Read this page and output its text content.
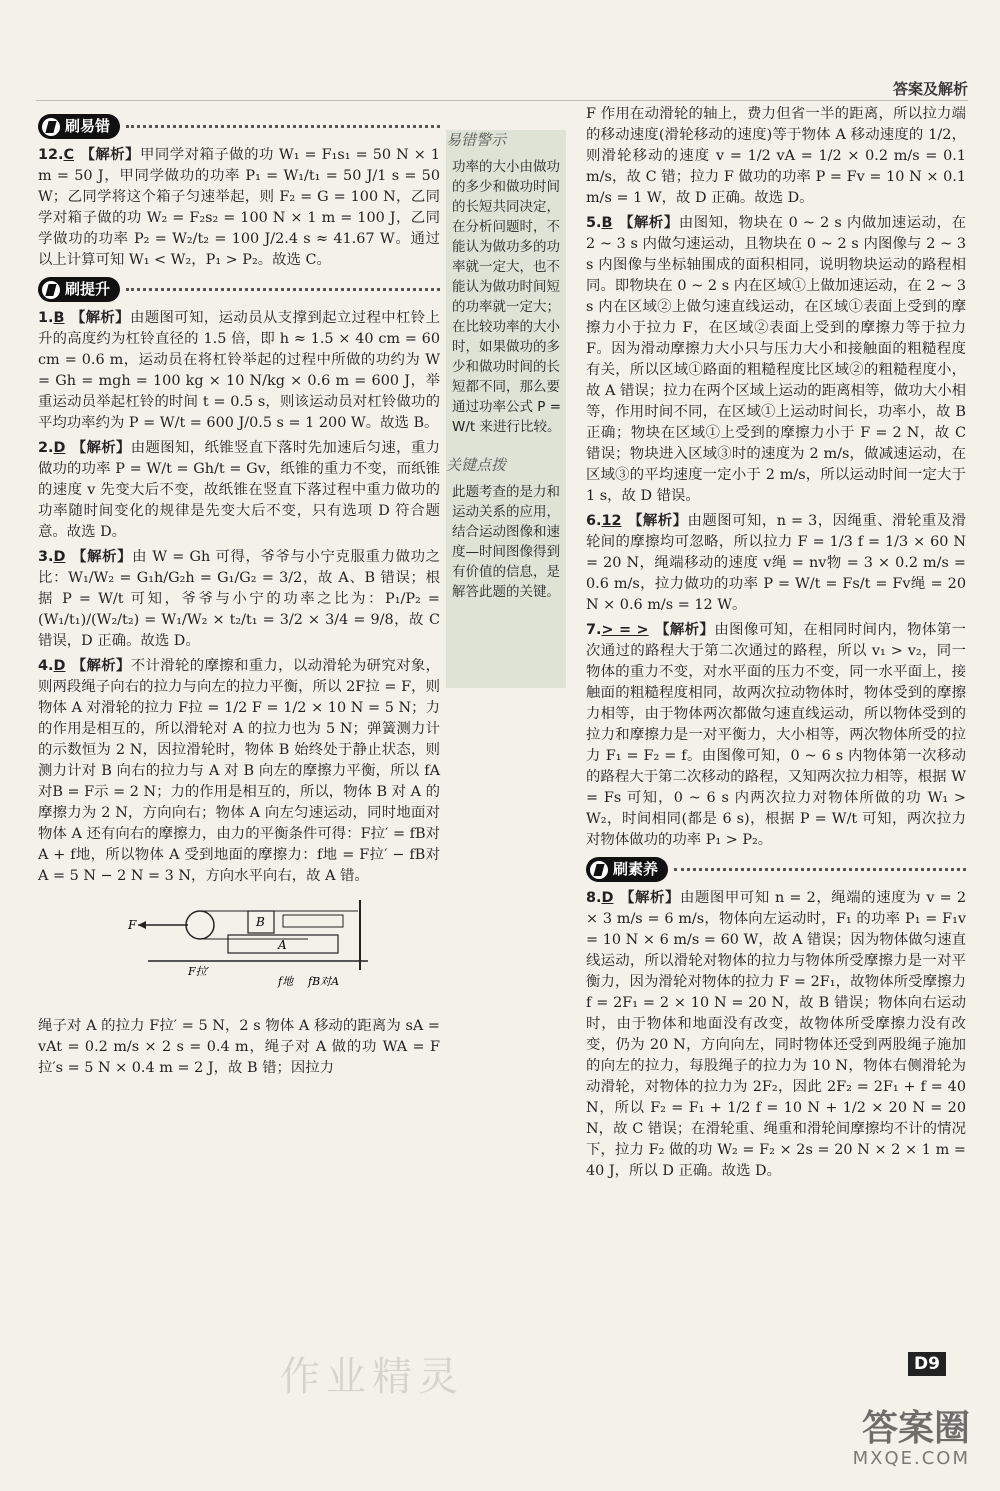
答案及解析
刷易错

12.C 【解析】甲同学对箱子做的功 W₁ = F₁s₁ = 50 N × 1 m = 50 J，甲同学做功的功率 P₁ = W₁/t₁ = 50 J/1 s = 50 W；乙同学将这个箱子匀速举起，则 F₂ = G = 100 N，乙同学对箱子做的功 W₂ = F₂s₂ = 100 N × 1 m = 100 J，乙同学做功的功率 P₂ = W₂/t₂ = 100 J/2.4 s ≈ 41.67 W。通过以上计算可知 W₁ < W₂，P₁ > P₂。故选 C。

刷提升

1.B 【解析】由题图可知，运动员从支撑到起立过程中杠铃上升的高度约为杠铃直径的 1.5 倍，即 h ≈ 1.5 × 40 cm = 60 cm = 0.6 m，运动员在将杠铃举起的过程中所做的功约为 W = Gh = mgh = 100 kg × 10 N/kg × 0.6 m = 600 J，举重运动员举起杠铃的时间 t = 0.5 s，则该运动员对杠铃做功的平均功率约为 P = W/t = 600 J/0.5 s = 1 200 W。故选 B。

2.D 【解析】由题图知，纸锥竖直下落时先加速后匀速，重力做功的功率 P = W/t = Gh/t = Gv，纸锥的重力不变，而纸锥的速度 v 先变大后不变，故纸锥在竖直下落过程中重力做功的功率随时间变化的规律是先变大后不变，只有选项 D 符合题意。故选 D。

3.D 【解析】由 W = Gh 可得，爷爷与小宁克服重力做功之比：W₁/W₂ = G₁h/G₂h = G₁/G₂ = 3/2，故 A、B 错误；根据 P = W/t 可知，爷爷与小宁的功率之比为：P₁/P₂ = (W₁/t₁)/(W₂/t₂) = W₁/W₂ × t₂/t₁ = 3/2 × 3/4 = 9/8，故 C 错误，D 正确。故选 D。

4.D 【解析】不计滑轮的摩擦和重力，以动滑轮为研究对象，则两段绳子向右的拉力与向左的拉力平衡，所以 2F拉 = F，则物体 A 对滑轮的拉力 F拉 = 1/2 F = 1/2 × 10 N = 5 N；力的作用是相互的，所以滑轮对 A 的拉力也为 5 N；弹簧测力计的示数恒为 2 N，因拉滑轮时，物体 B 始终处于静止状态，则测力计对 B 向右的拉力与 A 对 B 向左的摩擦力平衡，所以 fA对B = F示 = 2 N；力的作用是相互的，所以，物体 B 对 A 的摩擦力为 2 N，方向向右；物体 A 向左匀速运动，同时地面对物体 A 还有向右的摩擦力，由力的平衡条件可得：F拉′ = fB对A + f地，所以物体 A 受到地面的摩擦力：f地 = F拉′ − fB对A = 5 N − 2 N = 3 N，方向水平向右，故 A 错。

F	B
A
F拉′
f地 fB对A

绳子对 A 的拉力 F拉′ = 5 N，2 s 物体 A 移动的距离为 sA = vAt = 0.2 m/s × 2 s = 0.4 m，绳子对 A 做的功 WA = F拉′s = 5 N × 0.4 m = 2 J，故 B 错；因拉力

易错警示
功率的大小由做功的多少和做功时间的长短共同决定，在分析问题时，不能认为做功多的功率就一定大，也不能认为做功时间短的功率就一定大；在比较功率的大小时，如果做功的多少和做功时间的长短都不同，那么要通过功率公式 P = W/t 来进行比较。
关键点拨
此题考查的是力和运动关系的应用，结合运动图像和速度—时间图像得到有价值的信息，是解答此题的关键。

F 作用在动滑轮的轴上，费力但省一半的距离，所以拉力端的移动速度(滑轮移动的速度)等于物体 A 移动速度的 1/2，则滑轮移动的速度 v = 1/2 vA = 1/2 × 0.2 m/s = 0.1 m/s，故 C 错；拉力 F 做功的功率 P = Fv = 10 N × 0.1 m/s = 1 W，故 D 正确。故选 D。

5.B 【解析】由图知，物块在 0 ~ 2 s 内做加速运动，在 2 ~ 3 s 内做匀速运动，且物块在 0 ~ 2 s 内图像与 2 ~ 3 s 内图像与坐标轴围成的面积相同，说明物块运动的路程相同。即物块在 0 ~ 2 s 内在区域①上做加速运动，在 2 ~ 3 s 内在区域②上做匀速直线运动，在区域①表面上受到的摩擦力小于拉力 F，在区域②表面上受到的摩擦力等于拉力 F。因为滑动摩擦力大小只与压力大小和接触面的粗糙程度有关，所以区域①路面的粗糙程度比区域②的粗糙程度小，故 A 错误；拉力在两个区域上运动的距离相等，做功大小相等，作用时间不同，在区域①上运动时间长，功率小，故 B 正确；物块在区域①上受到的摩擦力小于 F = 2 N，故 C 错误；物块进入区域③时的速度为 2 m/s，做减速运动，在区域③的平均速度一定小于 2 m/s，所以运动时间一定大于 1 s，故 D 错误。

6.12 【解析】由题图可知，n = 3，因绳重、滑轮重及滑轮间的摩擦均可忽略，所以拉力 F = 1/3 f = 1/3 × 60 N = 20 N，绳端移动的速度 v绳 = nv物 = 3 × 0.2 m/s = 0.6 m/s，拉力做功的功率 P = W/t = Fs/t = Fv绳 = 20 N × 0.6 m/s = 12 W。

7.> = > 【解析】由图像可知，在相同时间内，物体第一次通过的路程大于第二次通过的路程，所以 v₁ > v₂，同一物体的重力不变，对水平面的压力不变，同一水平面上，接触面的粗糙程度相同，故两次拉动物体时，物体受到的摩擦力相等，由于物体两次都做匀速直线运动，所以物体受到的拉力和摩擦力是一对平衡力，大小相等，两次物体所受的拉力 F₁ = F₂ = f。由图像可知，0 ~ 6 s 内物体第一次移动的路程大于第二次移动的路程，又知两次拉力相等，根据 W = Fs 可知，0 ~ 6 s 内两次拉力对物体所做的功 W₁ > W₂，时间相同(都是 6 s)，根据 P = W/t 可知，两次拉力对物体做功的功率 P₁ > P₂。

刷素养

8.D 【解析】由题图甲可知 n = 2，绳端的速度为 v = 2 × 3 m/s = 6 m/s，物体向左运动时，F₁ 的功率 P₁ = F₁v = 10 N × 6 m/s = 60 W，故 A 错误；因为物体做匀速直线运动，所以滑轮对物体的拉力与物体所受摩擦力是一对平衡力，因为滑轮对物体的拉力 F = 2F₁，故物体所受摩擦力 f = 2F₁ = 2 × 10 N = 20 N，故 B 错误；物体向右运动时，由于物体和地面没有改变，故物体所受摩擦力没有改变，仍为 20 N，方向向左，同时物体还受到两股绳子施加的向左的拉力，每股绳子的拉力为 10 N，物体右侧滑轮为动滑轮，对物体的拉力为 2F₂，因此 2F₂ = 2F₁ + f = 40 N，所以 F₂ = F₁ + 1/2 f = 10 N + 1/2 × 20 N = 20 N，故 C 错误；在滑轮重、绳重和滑轮间摩擦均不计的情况下，拉力 F₂ 做的功 W₂ = F₂ × 2s = 20 N × 2 × 1 m = 40 J，所以 D 正确。故选 D。

作业精灵	D9
答案圈
MXQE.COM
